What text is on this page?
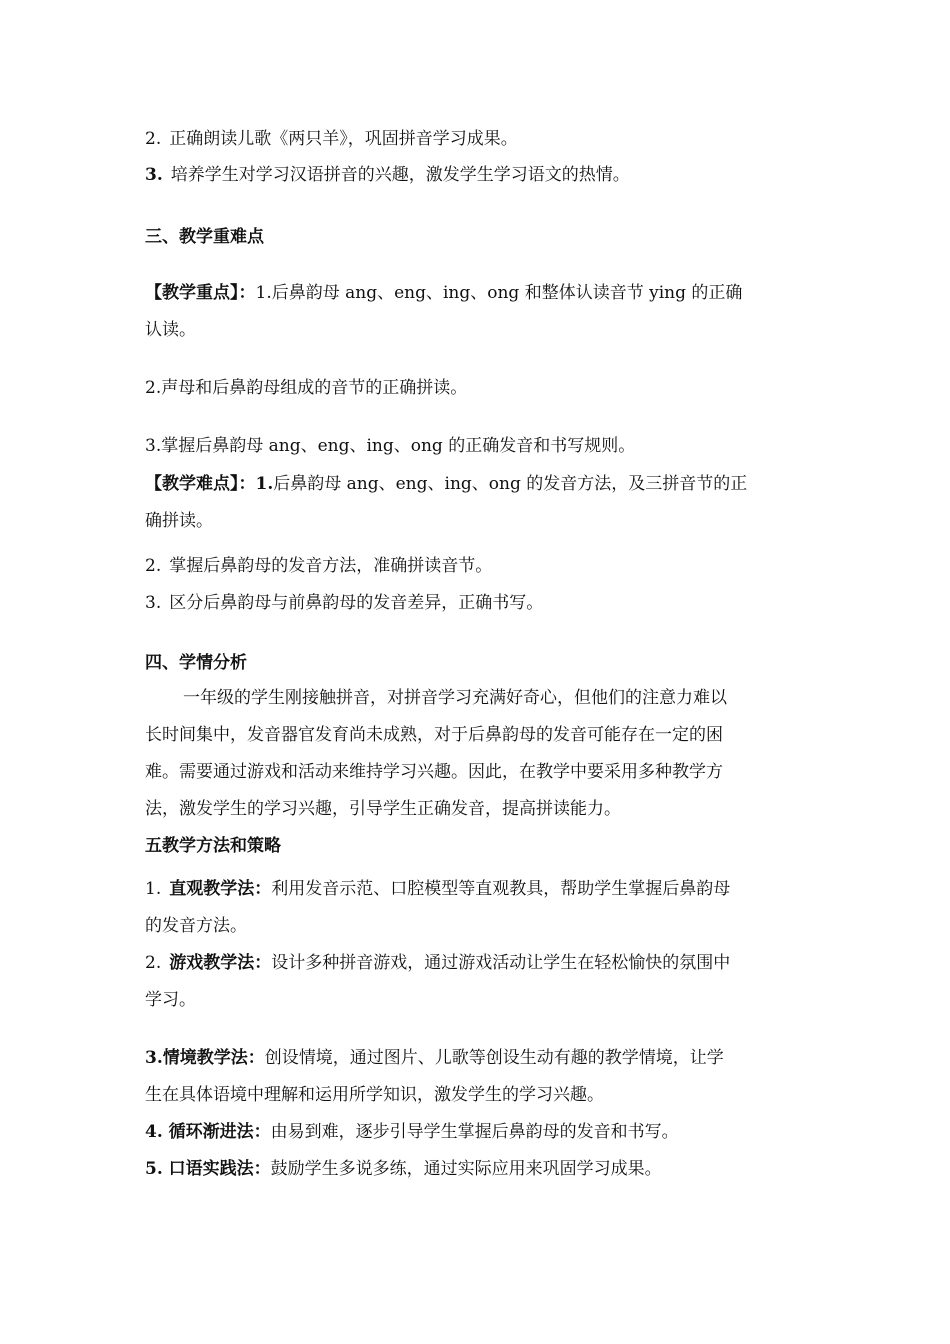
2. 正确朗读儿歌《两只羊》，巩固拼音学习成果。
3. 培养学生对学习汉语拼音的兴趣，激发学生学习语文的热情。
三、教学重难点
【教学重点】：1.后鼻韵母 ang、eng、ing、ong 和整体认读音节 ying 的正确
认读。
2.声母和后鼻韵母组成的音节的正确拼读。
3.掌握后鼻韵母 ang、eng、ing、ong 的正确发音和书写规则。
【教学难点】：1.后鼻韵母 ang、eng、ing、ong 的发音方法，及三拼音节的正
确拼读。
2. 掌握后鼻韵母的发音方法，准确拼读音节。
3. 区分后鼻韵母与前鼻韵母的发音差异，正确书写。
四、学情分析
一年级的学生刚接触拼音，对拼音学习充满好奇心，但他们的注意力难以
长时间集中，发音器官发育尚未成熟，对于后鼻韵母的发音可能存在一定的困
难。需要通过游戏和活动来维持学习兴趣。因此，在教学中要采用多种教学方
法，激发学生的学习兴趣，引导学生正确发音，提高拼读能力。
五教学方法和策略
1. 直观教学法：利用发音示范、口腔模型等直观教具，帮助学生掌握后鼻韵母
的发音方法。
2. 游戏教学法：设计多种拼音游戏，通过游戏活动让学生在轻松愉快的氛围中
学习。
3.情境教学法：创设情境，通过图片、儿歌等创设生动有趣的教学情境，让学
生在具体语境中理解和运用所学知识，激发学生的学习兴趣。
4. 循环渐进法：由易到难，逐步引导学生掌握后鼻韵母的发音和书写。
5. 口语实践法：鼓励学生多说多练，通过实际应用来巩固学习成果。
